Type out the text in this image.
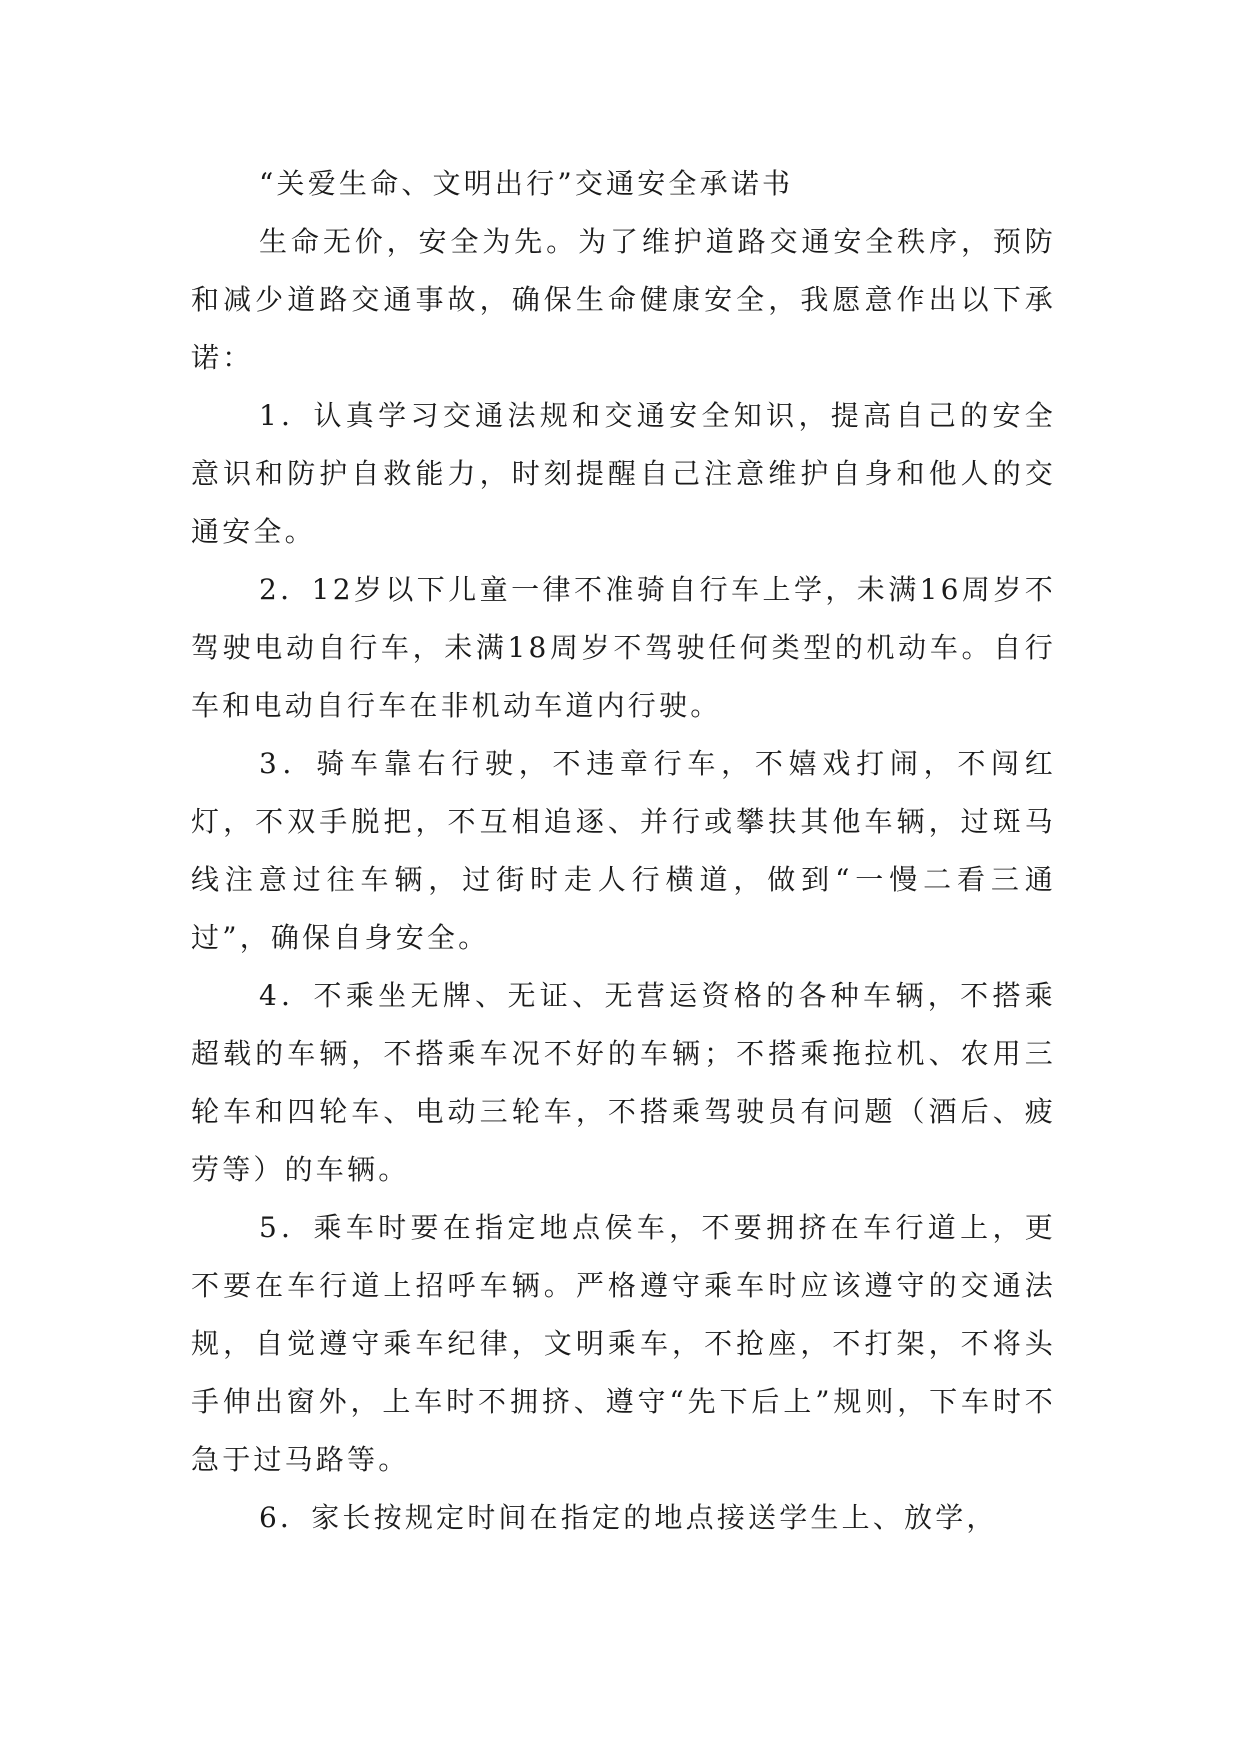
“关爱生命、文明出行”交通安全承诺书

生命无价，安全为先。为了维护道路交通安全秩序，预防和减少道路交通事故，确保生命健康安全，我愿意作出以下承诺：

1．认真学习交通法规和交通安全知识，提高自己的安全意识和防护自救能力，时刻提醒自己注意维护自身和他人的交通安全。

2．12岁以下儿童一律不准骑自行车上学，未满16周岁不驾驶电动自行车，未满18周岁不驾驶任何类型的机动车。自行车和电动自行车在非机动车道内行驶。

3．骑车靠右行驶，不违章行车，不嬉戏打闹，不闯红灯，不双手脱把，不互相追逐、并行或攀扶其他车辆，过斑马线注意过往车辆，过街时走人行横道，做到“一慢二看三通过”，确保自身安全。

4．不乘坐无牌、无证、无营运资格的各种车辆，不搭乘超载的车辆，不搭乘车况不好的车辆；不搭乘拖拉机、农用三轮车和四轮车、电动三轮车，不搭乘驾驶员有问题（酒后、疲劳等）的车辆。

5．乘车时要在指定地点侯车，不要拥挤在车行道上，更不要在车行道上招呼车辆。严格遵守乘车时应该遵守的交通法规，自觉遵守乘车纪律，文明乘车，不抢座，不打架，不将头手伸出窗外，上车时不拥挤、遵守“先下后上”规则，下车时不急于过马路等。

6．家长按规定时间在指定的地点接送学生上、放学，
